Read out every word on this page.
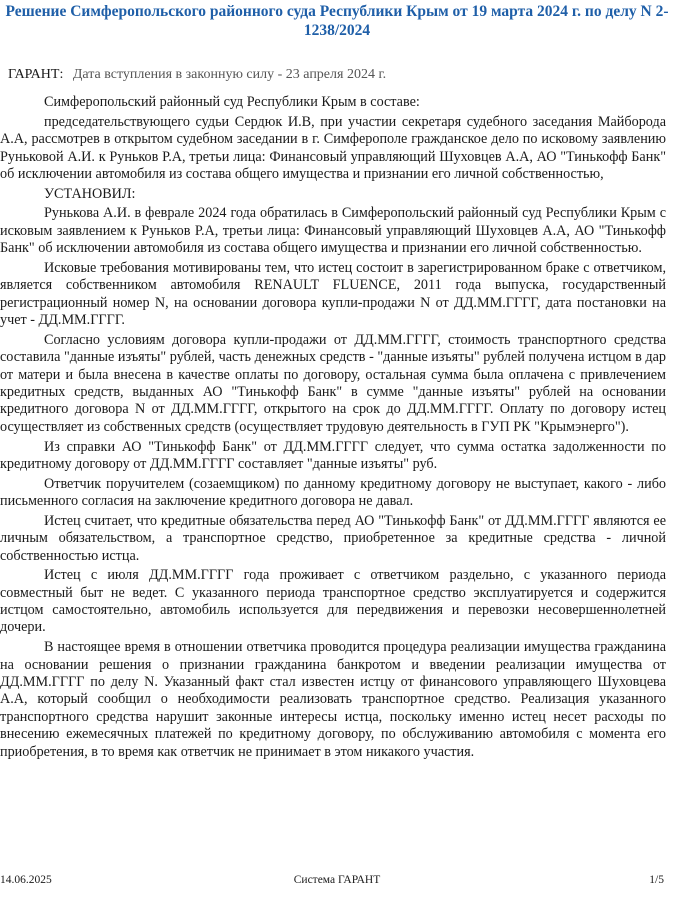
Решение Симферопольского районного суда Республики Крым от 19 марта 2024 г. по делу N 2-1238/2024
ГАРАНТ: Дата вступления в законную силу - 23 апреля 2024 г.

Симферопольский районный суд Республики Крым в составе:

председательствующего судьи Сердюк И.В, при участии секретаря судебного заседания Майборода А.А, рассмотрев в открытом судебном заседании в г. Симферополе гражданское дело по исковому заявлению Руньковой А.И. к Руньков Р.А, третьи лица: Финансовый управляющий Шуховцев А.А, АО "Тинькофф Банк" об исключении автомобиля из состава общего имущества и признании его личной собственностью,

УСТАНОВИЛ:

Рунькова А.И. в феврале 2024 года обратилась в Симферопольский районный суд Республики Крым с исковым заявлением к Руньков Р.А, третьи лица: Финансовый управляющий Шуховцев А.А, АО "Тинькофф Банк" об исключении автомобиля из состава общего имущества и признании его личной собственностью.

Исковые требования мотивированы тем, что истец состоит в зарегистрированном браке с ответчиком, является собственником автомобиля RENAULT FLUENCE, 2011 года выпуска, государственный регистрационный номер N, на основании договора купли-продажи N от ДД.ММ.ГГГГ, дата постановки на учет - ДД.ММ.ГГГГ.

Согласно условиям договора купли-продажи от ДД.ММ.ГГГГ, стоимость транспортного средства составила "данные изъяты" рублей, часть денежных средств - "данные изъяты" рублей получена истцом в дар от матери и была внесена в качестве оплаты по договору, остальная сумма была оплачена с привлечением кредитных средств, выданных АО "Тинькофф Банк" в сумме "данные изъяты" рублей на основании кредитного договора N от ДД.ММ.ГГГГ, открытого на срок до ДД.ММ.ГГГГ. Оплату по договору истец осуществляет из собственных средств (осуществляет трудовую деятельность в ГУП РК "Крымэнерго").

Из справки АО "Тинькофф Банк" от ДД.ММ.ГГГГ следует, что сумма остатка задолженности по кредитному договору от ДД.ММ.ГГГГ составляет "данные изъяты" руб.

Ответчик поручителем (созаемщиком) по данному кредитному договору не выступает, какого - либо письменного согласия на заключение кредитного договора не давал.

Истец считает, что кредитные обязательства перед АО "Тинькофф Банк" от ДД.ММ.ГГГГ являются ее личным обязательством, а транспортное средство, приобретенное за кредитные средства - личной собственностью истца.

Истец с июля ДД.ММ.ГГГГ года проживает с ответчиком раздельно, с указанного периода совместный быт не ведет. С указанного периода транспортное средство эксплуатируется и содержится истцом самостоятельно, автомобиль используется для передвижения и перевозки несовершеннолетней дочери.

В настоящее время в отношении ответчика проводится процедура реализации имущества гражданина на основании решения о признании гражданина банкротом и введении реализации имущества от ДД.ММ.ГГГГ по делу N. Указанный факт стал известен истцу от финансового управляющего Шуховцева А.А, который сообщил о необходимости реализовать транспортное средство. Реализация указанного транспортного средства нарушит законные интересы истца, поскольку именно истец несет расходы по внесению ежемесячных платежей по кредитному договору, по обслуживанию автомобиля с момента его приобретения, в то время как ответчик не принимает в этом никакого участия.

14.06.2025	Система ГАРАНТ	1/5
